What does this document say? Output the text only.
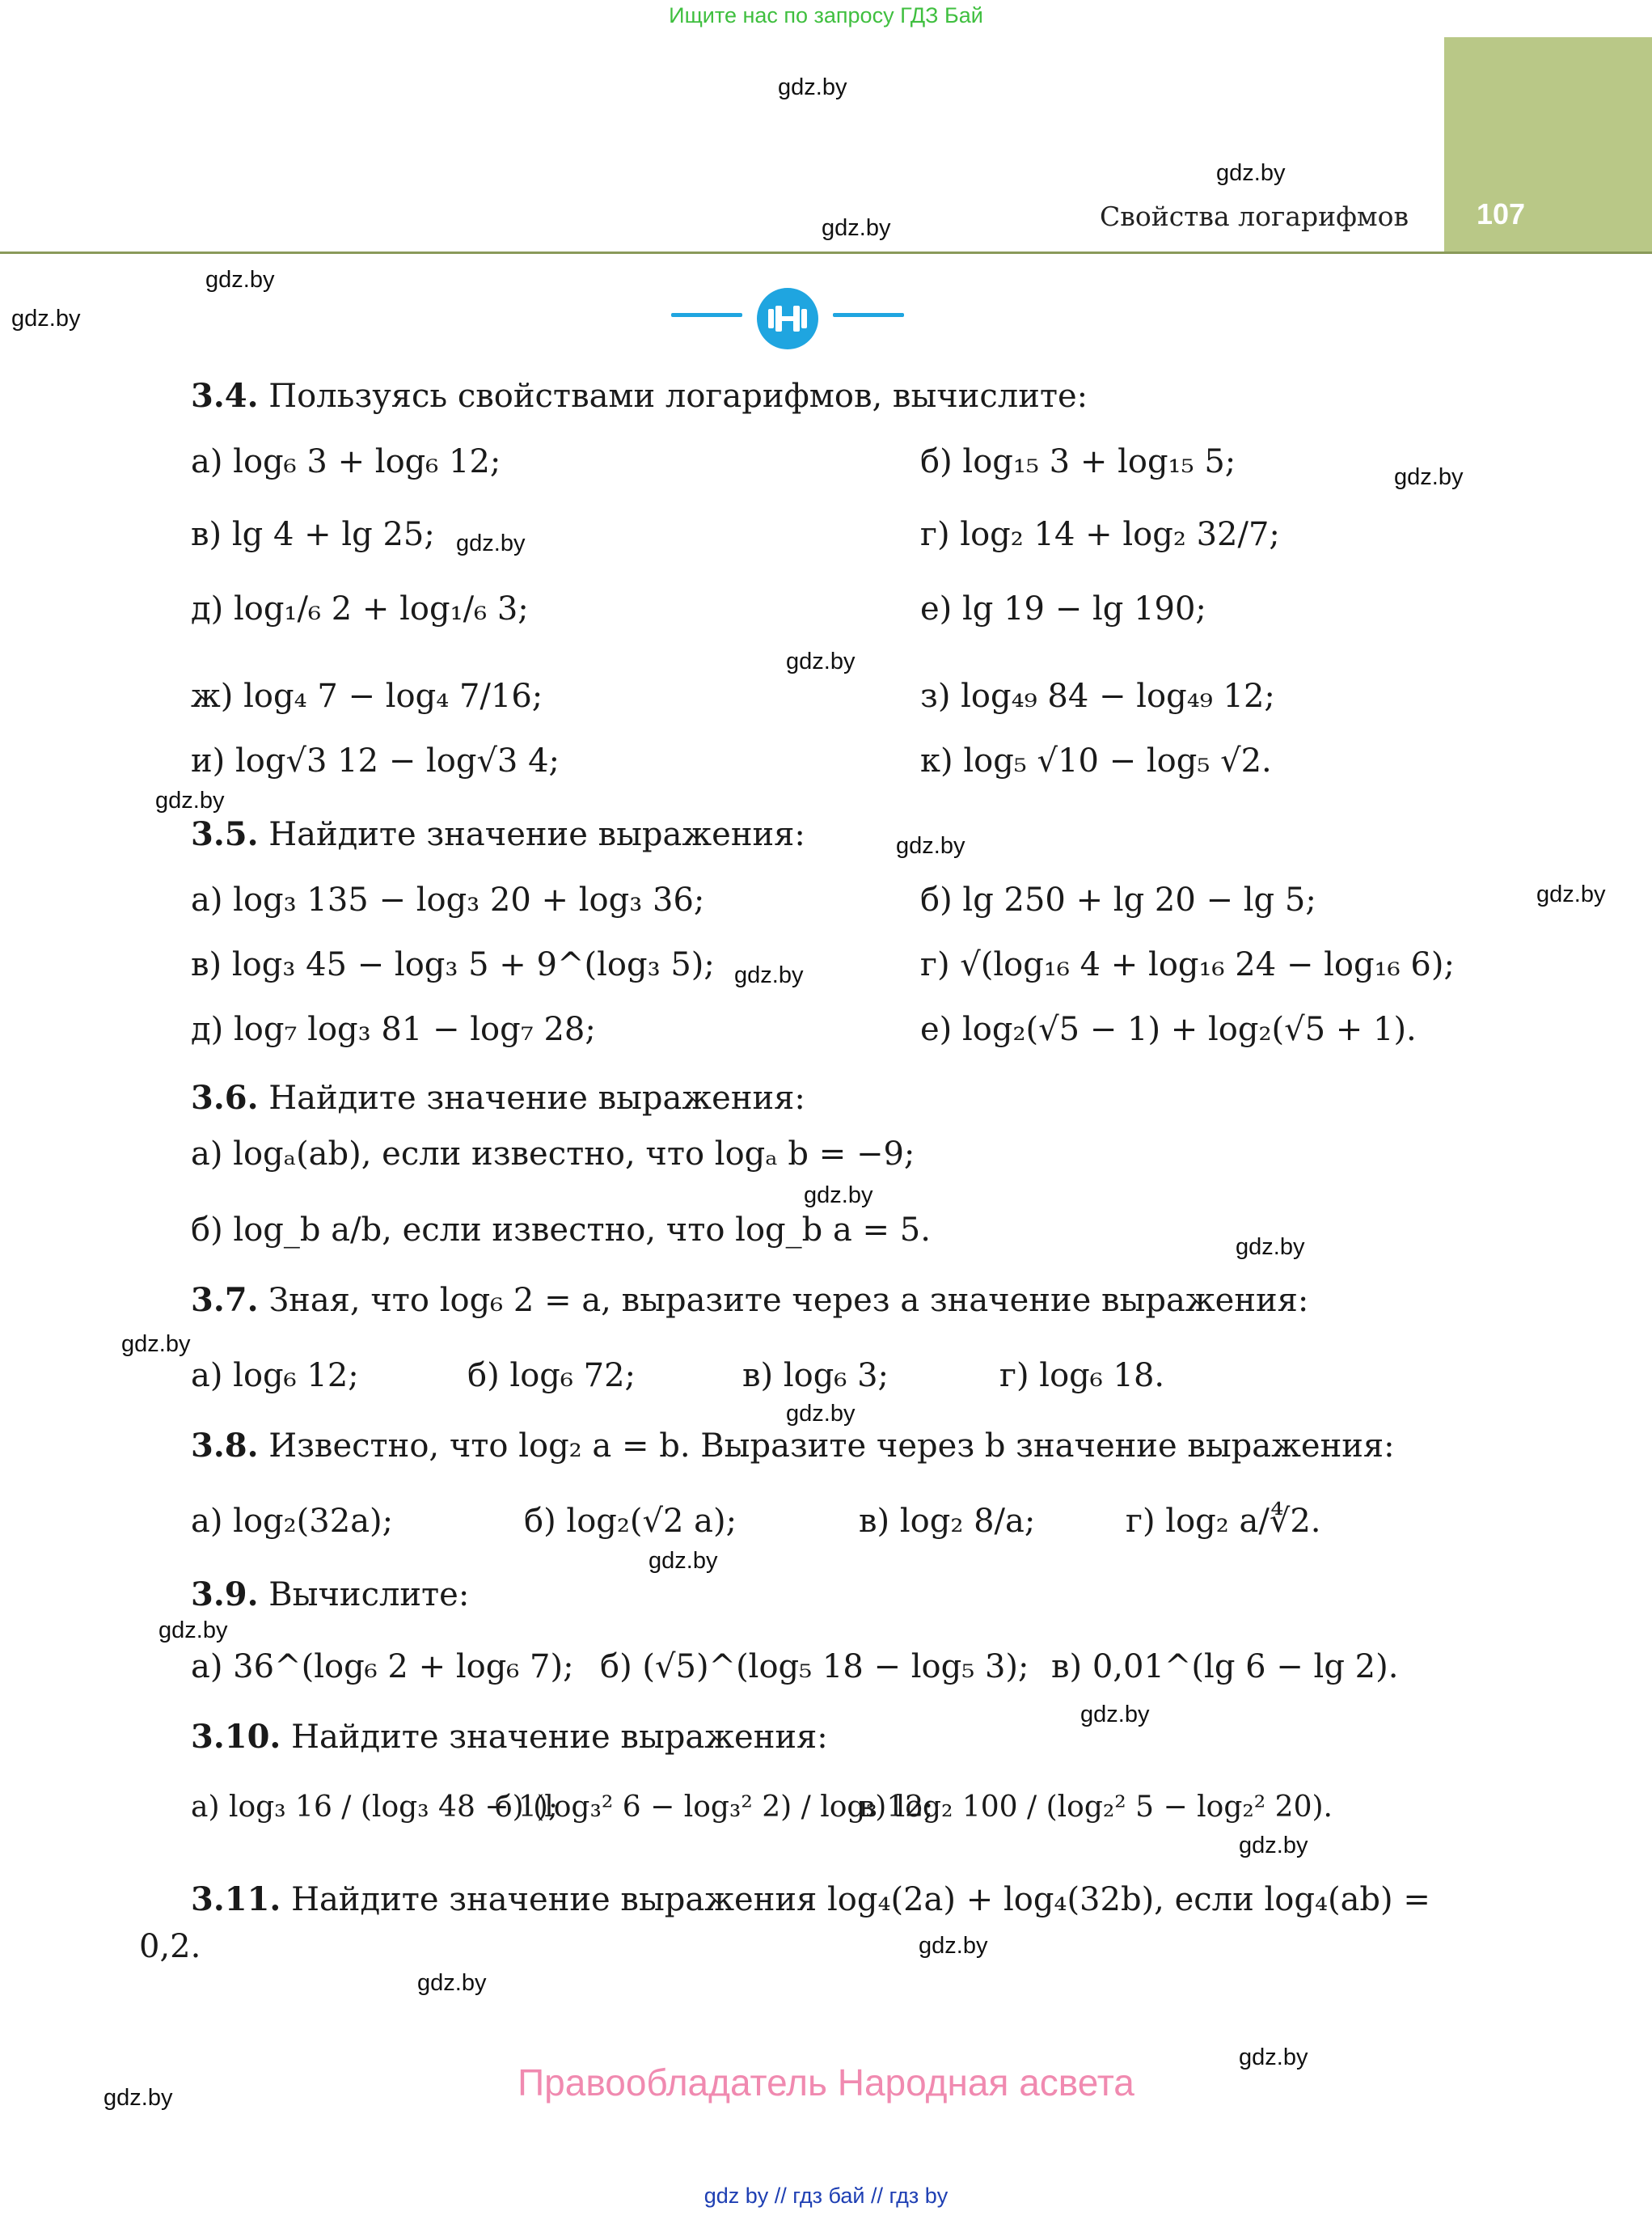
Ищите нас по запросу ГДЗ Бай
107
Свойства логарифмов
3.4. Пользуясь свойствами логарифмов, вычислите:
а) log₆ 3 + log₆ 12;	б) log₁₅ 3 + log₁₅ 5;
в) lg 4 + lg 25;	г) log₂ 14 + log₂ 32/7;
д) log₁/₆ 2 + log₁/₆ 3;	е) lg 19 − lg 190;
ж) log₄ 7 − log₄ 7/16;	з) log₄₉ 84 − log₄₉ 12;
и) log√3 12 − log√3 4;	к) log₅ √10 − log₅ √2.
3.5. Найдите значение выражения:
а) log₃ 135 − log₃ 20 + log₃ 36;	б) lg 250 + lg 20 − lg 5;
в) log₃ 45 − log₃ 5 + 9^(log₃ 5);	г) √(log₁₆ 4 + log₁₆ 24 − log₁₆ 6);
д) log₇ log₃ 81 − log₇ 28;	е) log₂(√5 − 1) + log₂(√5 + 1).
3.6. Найдите значение выражения:
а) logₐ(ab), если известно, что logₐ b = −9;
б) log_b a/b, если известно, что log_b a = 5.
3.7. Зная, что log₆ 2 = a, выразите через a значение выражения:
а) log₆ 12;	б) log₆ 72;	в) log₆ 3;	г) log₆ 18.
3.8. Известно, что log₂ a = b. Выразите через b значение выражения:
а) log₂(32a);	б) log₂(√2 a);	в) log₂ 8/a;	г) log₂ a/∜2.
3.9. Вычислите:
а) 36^(log₆ 2 + log₆ 7); б) (√5)^(log₅ 18 − log₅ 3); в) 0,01^(lg 6 − lg 2).
3.10. Найдите значение выражения:
а) log₃ 16 / (log₃ 48 − 1);
б) (log₃² 6 − log₃² 2) / log₃ 12;
в) log₂ 100 / (log₂² 5 − log₂² 20).
3.11. Найдите значение выражения log₄(2a) + log₄(32b), если log₄(ab) = 0,2.
gdz.by
gdz.by
gdz.by
gdz.by
gdz.by
gdz.by
gdz.by
gdz.by
gdz.by
gdz.by
gdz.by
gdz.by
gdz.by
gdz.by
gdz.by
gdz.by
gdz.by
gdz.by
gdz.by
gdz.by
gdz.by
gdz.by
gdz.by
gdz.by	Правообладатель Народная асвета
gdz by // гдз бай // гдз by
